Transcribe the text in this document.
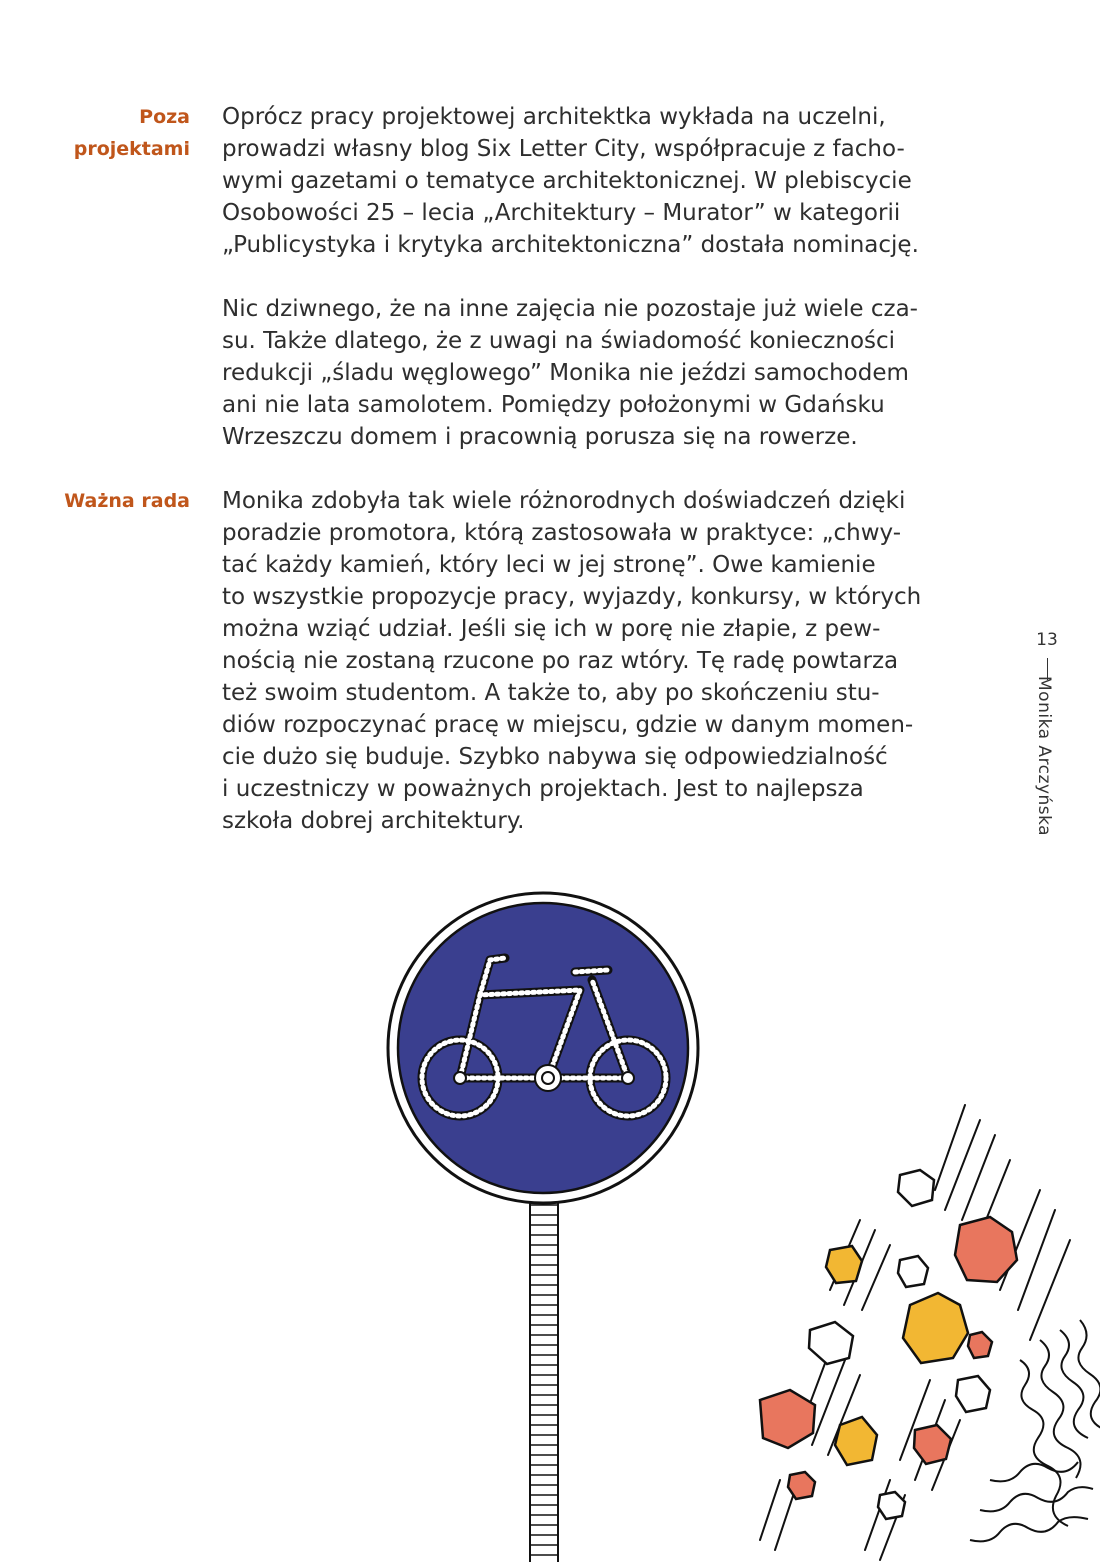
Poza
projektami
Oprócz pracy projektowej architektka wykłada na uczelni,
prowadzi własny blog Six Letter City, współpracuje z facho-
wymi gazetami o tematyce architektonicznej. W plebiscycie
Osobowości 25 – lecia „Architektury – Murator” w kategorii
„Publicystyka i krytyka architektoniczna” dostała nominację.
Nic dziwnego, że na inne zajęcia nie pozostaje już wiele cza-
su. Także dlatego, że z uwagi na świadomość konieczności
redukcji „śladu węglowego” Monika nie jeździ samochodem
ani nie lata samolotem. Pomiędzy położonymi w Gdańsku
Wrzeszczu domem i pracownią porusza się na rowerze.
Ważna rada Monika zdobyła tak wiele różnorodnych doświadczeń dzięki
poradzie promotora, którą zastosowała w praktyce: „chwy-
tać każdy kamień, który leci w jej stronę”. Owe kamienie
to wszystkie propozycje pracy, wyjazdy, konkursy, w których
można wziąć udział. Jeśli się ich w porę nie złapie, z pew-
nością nie zostaną rzucone po raz wtóry. Tę radę powtarza
też swoim studentom. A także to, aby po skończeniu stu-
diów rozpoczynać pracę w miejscu, gdzie w danym momen-
cie dużo się buduje. Szybko nabywa się odpowiedzialność
i uczestniczy w poważnych projektach. Jest to najlepsza
szkoła dobrej architektury.
13
Monika Arczyńska
